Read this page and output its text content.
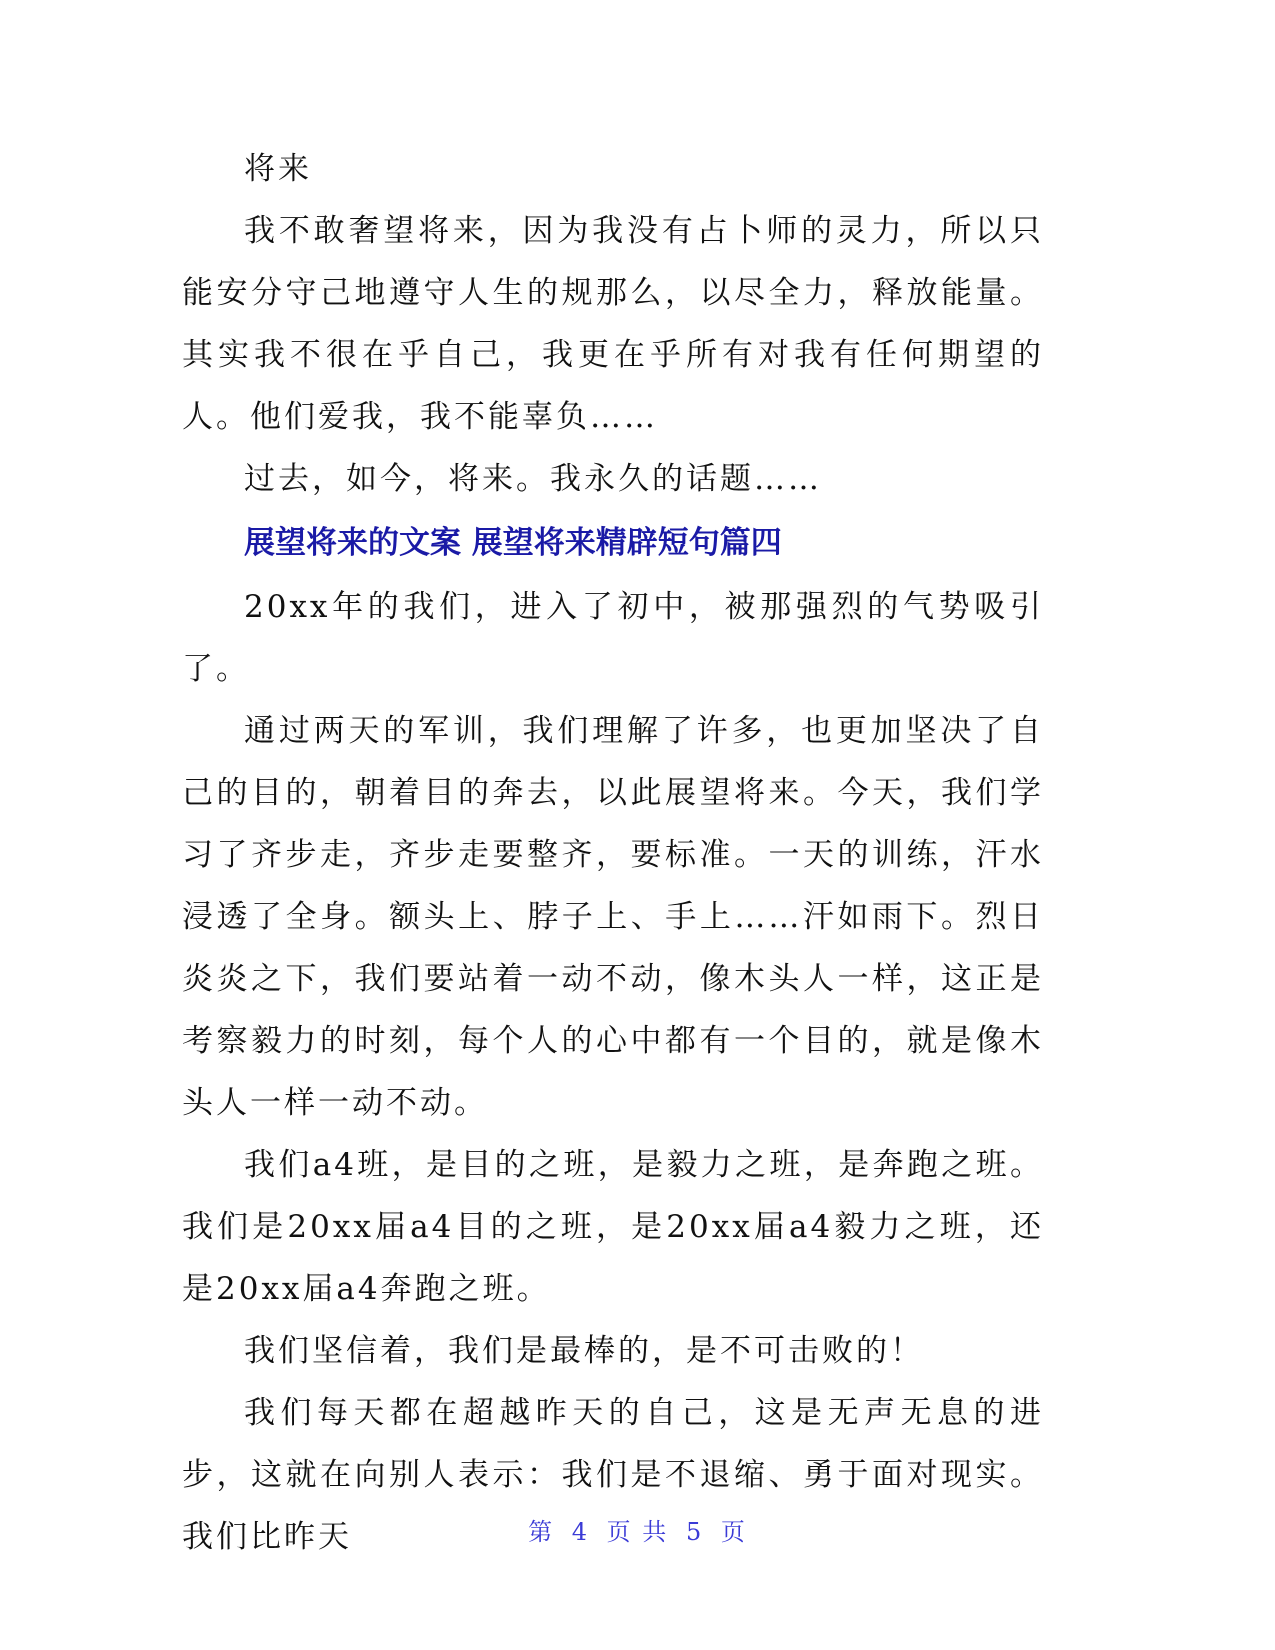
将来

我不敢奢望将来，因为我没有占卜师的灵力，所以只能安分守己地遵守人生的规那么，以尽全力，释放能量。其实我不很在乎自己，我更在乎所有对我有任何期望的人。他们爱我，我不能辜负……

过去，如今，将来。我永久的话题……

展望将来的文案 展望将来精辟短句篇四

20xx年的我们，进入了初中，被那强烈的气势吸引了。

通过两天的军训，我们理解了许多，也更加坚决了自己的目的，朝着目的奔去，以此展望将来。今天，我们学习了齐步走，齐步走要整齐，要标准。一天的训练，汗水浸透了全身。额头上、脖子上、手上……汗如雨下。烈日炎炎之下，我们要站着一动不动，像木头人一样，这正是考察毅力的时刻，每个人的心中都有一个目的，就是像木头人一样一动不动。

我们a4班，是目的之班，是毅力之班，是奔跑之班。我们是20xx届a4目的之班，是20xx届a4毅力之班，还是20xx届a4奔跑之班。

我们坚信着，我们是最棒的，是不可击败的！

我们每天都在超越昨天的自己，这是无声无息的进步，这就在向别人表示：我们是不退缩、勇于面对现实。我们比昨天	第 4 页 共 5 页
